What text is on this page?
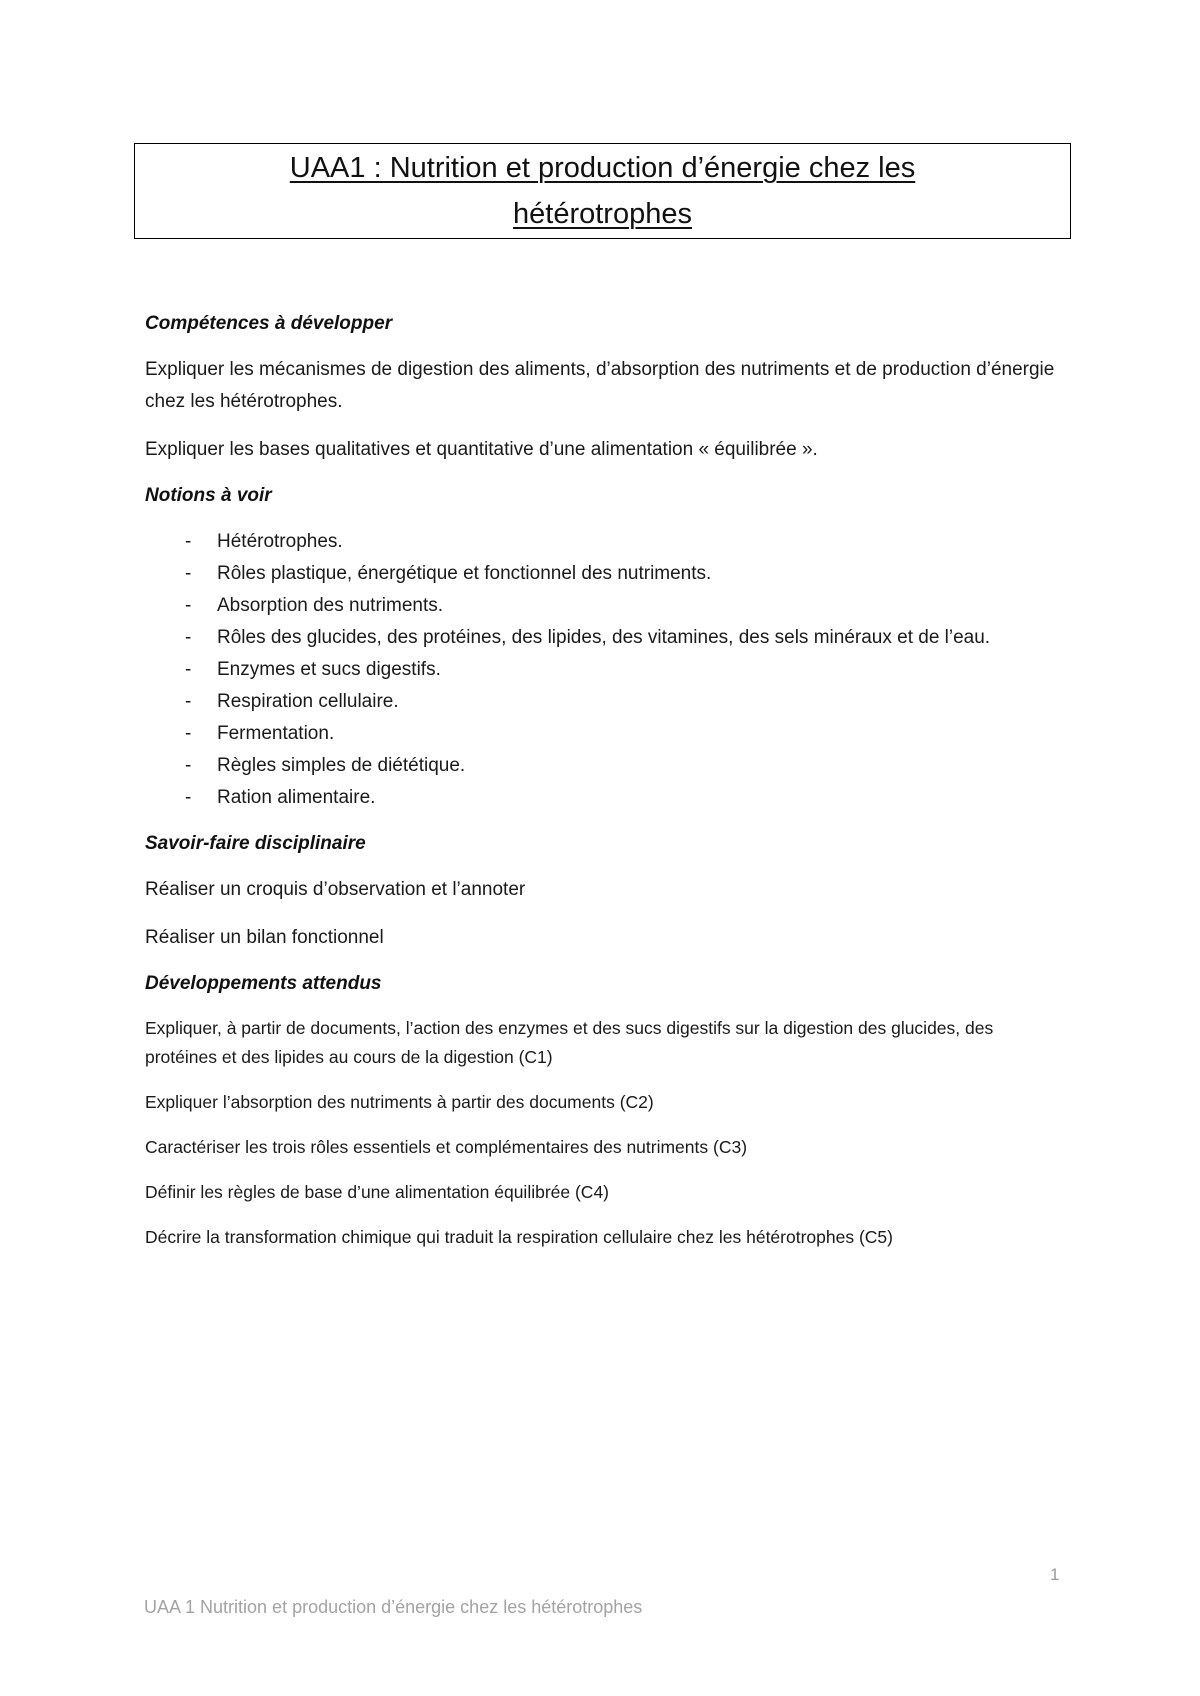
UAA1 : Nutrition et production d’énergie chez les
hétérotrophes
Compétences à développer

Expliquer les mécanismes de digestion des aliments, d’absorption des nutriments et de production d’énergie chez les hétérotrophes.

Expliquer les bases qualitatives et quantitative d’une alimentation « équilibrée ».

Notions à voir
- Hétérotrophes.
- Rôles plastique, énergétique et fonctionnel des nutriments.
- Absorption des nutriments.
- Rôles des glucides, des protéines, des lipides, des vitamines, des sels minéraux et de l’eau.
- Enzymes et sucs digestifs.
- Respiration cellulaire.
- Fermentation.
- Règles simples de diététique.
- Ration alimentaire.
Savoir-faire disciplinaire

Réaliser un croquis d’observation et l’annoter

Réaliser un bilan fonctionnel

Développements attendus

Expliquer, à partir de documents, l’action des enzymes et des sucs digestifs sur la digestion des glucides, des protéines et des lipides au cours de la digestion (C1)

Expliquer l’absorption des nutriments à partir des documents (C2)

Caractériser les trois rôles essentiels et complémentaires des nutriments (C3)

Définir les règles de base d’une alimentation équilibrée (C4)

Décrire la transformation chimique qui traduit la respiration cellulaire chez les hétérotrophes (C5)

1
UAA 1 Nutrition et production d’énergie chez les hétérotrophes
